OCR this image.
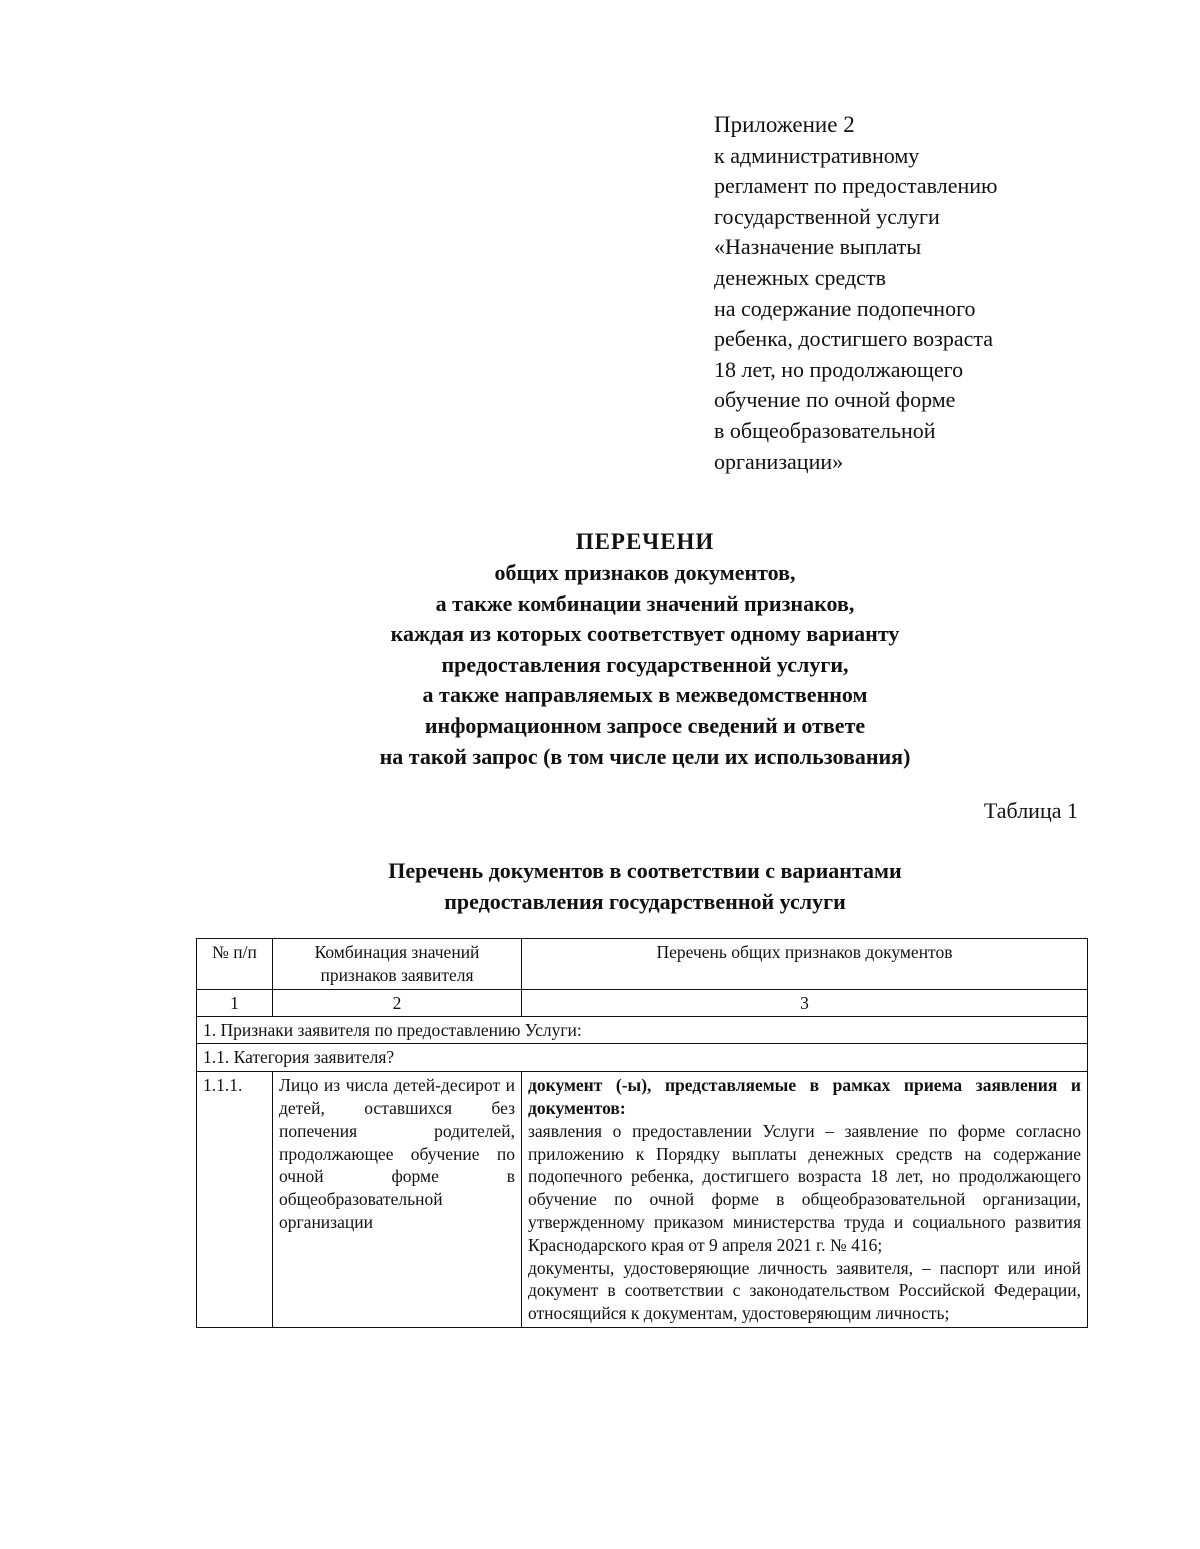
Приложение 2
к административному
регламент по предоставлению
государственной услуги
«Назначение выплаты
денежных средств
на содержание подопечного
ребенка, достигшего возраста
18 лет, но продолжающего
обучение по очной форме
в общеобразовательной
организации»
ПЕРЕЧЕНИ
общих признаков документов,
а также комбинации значений признаков,
каждая из которых соответствует одному варианту
предоставления государственной услуги,
а также направляемых в межведомственном
информационном запросе сведений и ответе
на такой запрос (в том числе цели их использования)
Таблица 1
Перечень документов в соответствии с вариантами
предоставления государственной услуги
№ п/п	Комбинация значений признаков заявителя	Перечень общих признаков документов
1	2	3
1. Признаки заявителя по предоставлению Услуги:		
1.1. Категория заявителя?		
1.1.1.	Лицо из числа детей-десирот и детей, оставшихся без попечения родителей, продолжающее обучение по очной форме в общеобразовательной организации	документ (-ы), представляемые в рамках приема заявления и документов:
заявления о предоставлении Услуги – заявление по форме согласно приложению к Порядку выплаты денежных средств на содержание подопечного ребенка, достигшего возраста 18 лет, но продолжающего обучение по очной форме в общеобразовательной организации, утвержденному приказом министерства труда и социального развития Краснодарского края от 9 апреля 2021 г. № 416;
документы, удостоверяющие личность заявителя, – паспорт или иной документ в соответствии с законодательством Российской Федерации, относящийся к документам, удостоверяющим личность;
